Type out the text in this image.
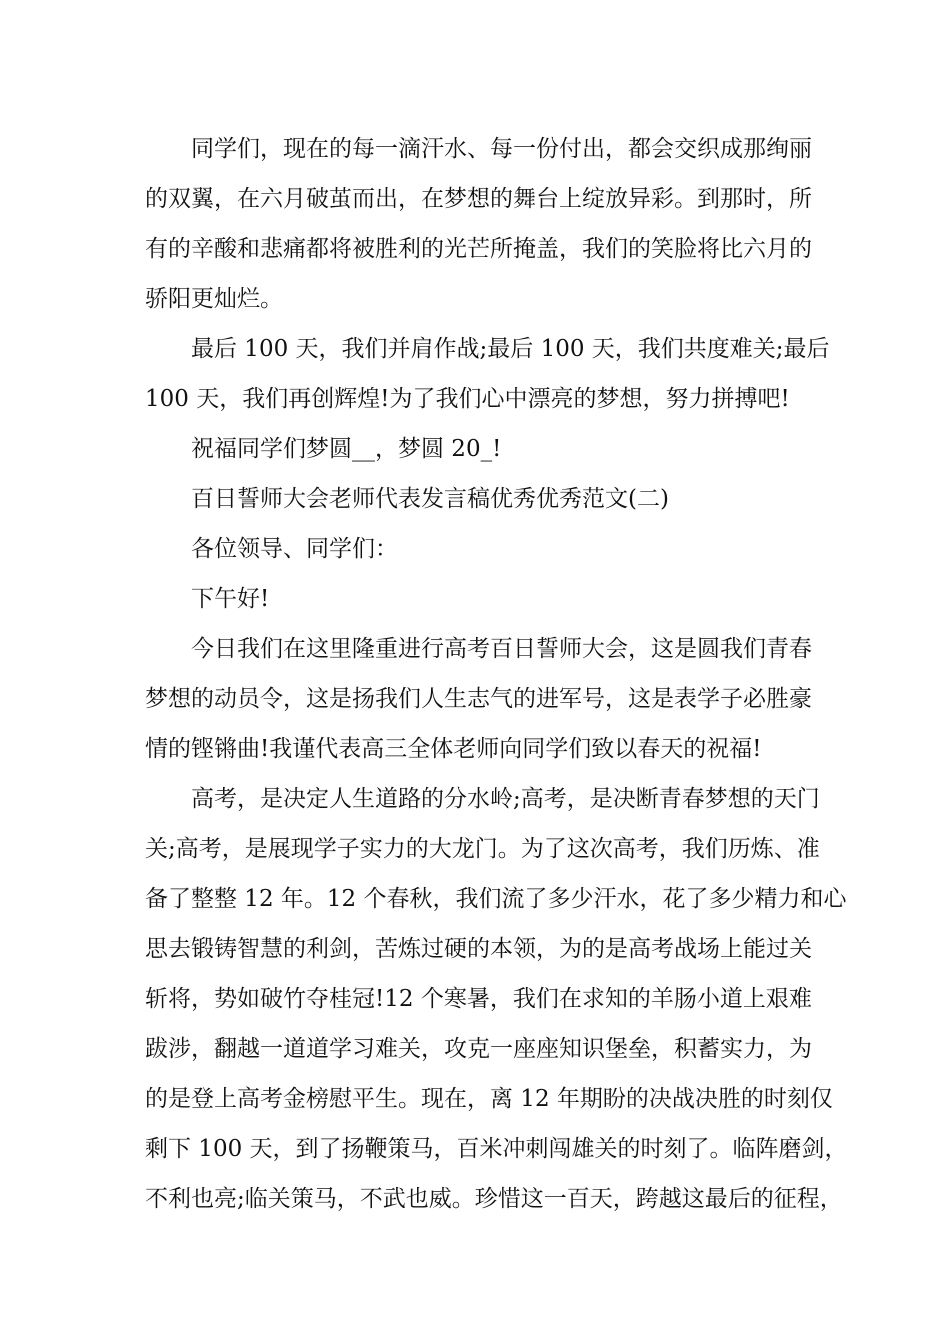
同学们，现在的每一滴汗水、每一份付出，都会交织成那绚丽
的双翼，在六月破茧而出，在梦想的舞台上绽放异彩。到那时，所
有的辛酸和悲痛都将被胜利的光芒所掩盖，我们的笑脸将比六月的
骄阳更灿烂。
最后 100 天，我们并肩作战;最后 100 天，我们共度难关;最后
100 天，我们再创辉煌!为了我们心中漂亮的梦想，努力拼搏吧!
祝福同学们梦圆__，梦圆 20_!
百日誓师大会老师代表发言稿优秀优秀范文(二)
各位领导、同学们：
下午好!
今日我们在这里隆重进行高考百日誓师大会，这是圆我们青春
梦想的动员令，这是扬我们人生志气的进军号，这是表学子必胜豪
情的铿锵曲!我谨代表高三全体老师向同学们致以春天的祝福!
高考，是决定人生道路的分水岭;高考，是决断青春梦想的天门
关;高考，是展现学子实力的大龙门。为了这次高考，我们历炼、准
备了整整 12 年。12 个春秋，我们流了多少汗水，花了多少精力和心
思去锻铸智慧的利剑，苦炼过硬的本领，为的是高考战场上能过关
斩将，势如破竹夺桂冠!12 个寒暑，我们在求知的羊肠小道上艰难
跋涉，翻越一道道学习难关，攻克一座座知识堡垒，积蓄实力，为
的是登上高考金榜慰平生。现在，离 12 年期盼的决战决胜的时刻仅
剩下 100 天，到了扬鞭策马，百米冲刺闯雄关的时刻了。临阵磨剑，
不利也亮;临关策马，不武也威。珍惜这一百天，跨越这最后的征程，
